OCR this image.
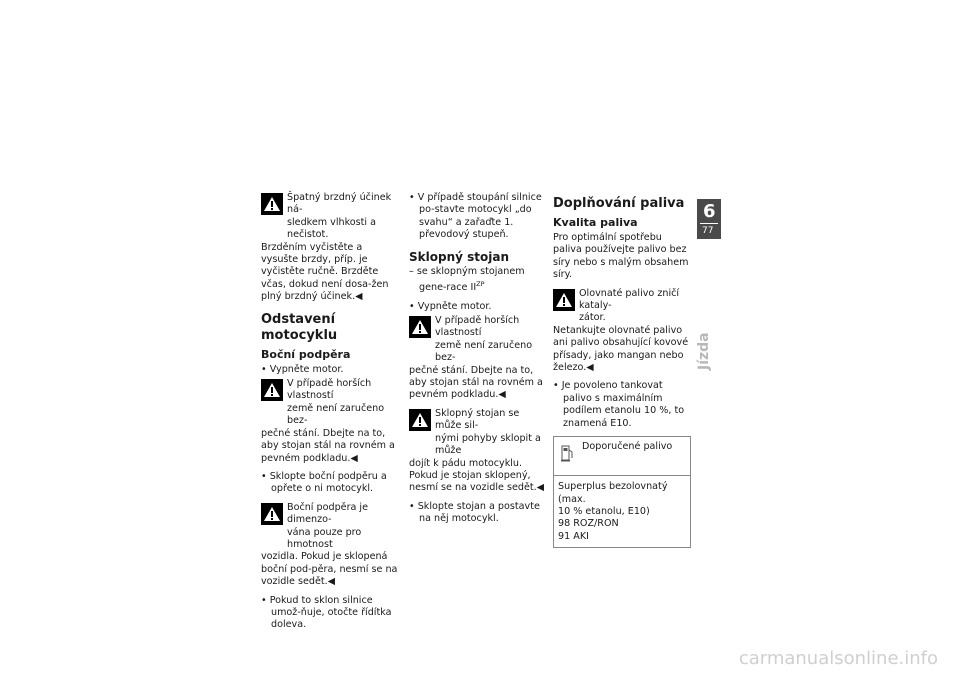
Špatný brzdný účinek ná-
sledkem vlhkosti a nečistot.
Brzděním vyčistěte a vysušte brzdy, příp. je vyčistěte ručně. Brzděte včas, dokud není dosa-žen plný brzdný účinek.◀
Odstavení motocyklu
Boční podpěra

• Vypněte motor.

V případě horších vlastností
země není zaručeno bez-
pečné stání. Dbejte na to, aby stojan stál na rovném a pevném podkladu.◀

• Sklopte boční podpěru a opřete o ni motocykl.

Boční podpěra je dimenzo-
vána pouze pro hmotnost
vozidla. Pokud je sklopená boční pod-pěra, nesmí se na vozidle sedět.◀

• Pokud to sklon silnice umož-ňuje, otočte řídítka doleva.

• V případě stoupání silnice po-stavte motocykl „do svahu“ a zařaďte 1. převodový stupeň.

Sklopný stojan

– se sklopným stojanem gene-race $II^{ZP}$

• Vypněte motor.

V případě horších vlastností
země není zaručeno bez-
pečné stání. Dbejte na to, aby stojan stál na rovném a pevném podkladu.◀
Sklopný stojan se může sil-
nými pohyby sklopit a může
dojít k pádu motocyklu. Pokud je stojan sklopený, nesmí se na vozidle sedět.◀

• Sklopte stojan a postavte na něj motocykl.

Doplňování paliva
Kvalita paliva

Pro optimální spotřebu paliva používejte palivo bez síry nebo s malým obsahem síry.

Olovnaté palivo zničí kataly-
zátor.
Netankujte olovnaté palivo ani palivo obsahující kovové přísady, jako mangan nebo železo.◀

• Je povoleno tankovat palivo s maximálním podílem etanolu 10 %, to znamená E10.

Doporučené palivo
Superplus bezolovnatý (max.
10 % etanolu, E10)
98 ROZ/RON
91 AKI
6
77
Jízda
carmanualsonline.info
